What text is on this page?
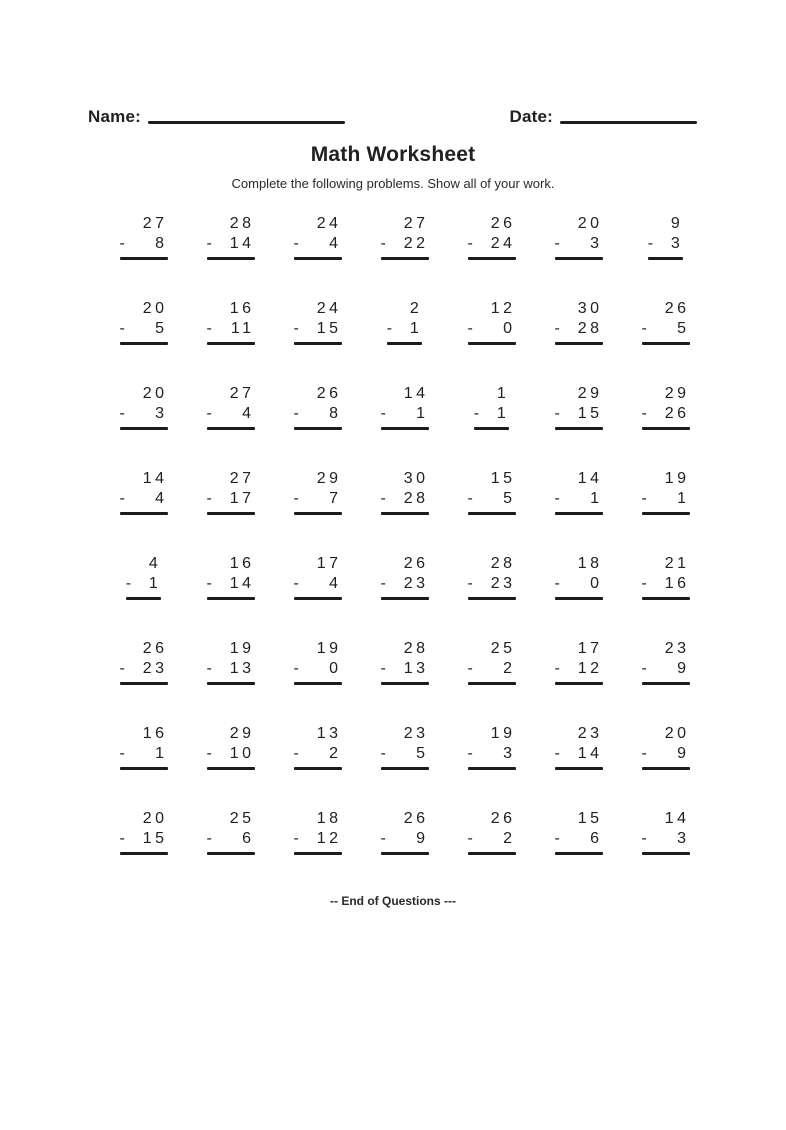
Name:	Date:
Math Worksheet
Complete the following problems. Show all of your work.
27
- 8
28
- 14
24
- 4
27
- 22
26
- 24
20
- 3
9
- 3
20
- 5
16
- 11
24
- 15
2
- 1
12
- 0
30
- 28
26
- 5
20
- 3
27
- 4
26
- 8
14
- 1
1
- 1
29
- 15
29
- 26
14
- 4
27
- 17
29
- 7
30
- 28
15
- 5
14
- 1
19
- 1
4
- 1
16
- 14
17
- 4
26
- 23
28
- 23
18
- 0
21
- 16
26
- 23
19
- 13
19
- 0
28
- 13
25
- 2
17
- 12
23
- 9
16
- 1
29
- 10
13
- 2
23
- 5
19
- 3
23
- 14
20
- 9
20
- 15
25
- 6
18
- 12
26
- 9
26
- 2
15
- 6
14
- 3
-- End of Questions ---
